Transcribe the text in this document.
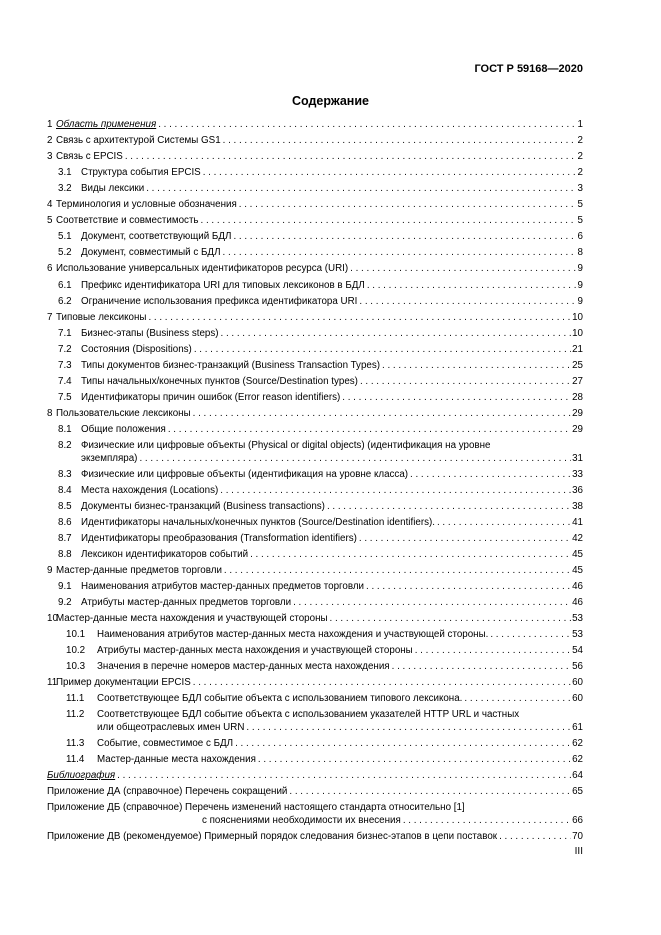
ГОСТ Р 59168—2020
Содержание
1 Область применения . . .	1
2 Связь с архитектурой Системы GS1 . . .	2
3 Связь с EPCIS . . .	2
3.1 Структура события EPCIS . . .	2
3.2 Виды лексики . . .	3
4 Терминология и условные обозначения . . .	5
5 Соответствие и совместимость . . .	5
5.1 Документ, соответствующий БДЛ . . .	6
5.2 Документ, совместимый с БДЛ . . .	8
6 Использование универсальных идентификаторов ресурса (URI) . . .	9
6.1 Префикс идентификатора URI для типовых лексиконов в БДЛ . . .	9
6.2 Ограничение использования префикса идентификатора URI . . .	9
7 Типовые лексиконы . . .	10
7.1 Бизнес-этапы (Business steps) . . .	10
7.2 Состояния (Dispositions) . . .	21
7.3 Типы документов бизнес-транзакций (Business Transaction Types) . . .	25
7.4 Типы начальных/конечных пунктов (Source/Destination types) . . .	27
7.5 Идентификаторы причин ошибок (Error reason identifiers) . . .	28
8 Пользовательские лексиконы . . .	29
8.1 Общие положения . . .	29
8.2 Физические или цифровые объекты (Physical or digital objects) (идентификация на уровне
экземпляра) . . .	31
8.3 Физические или цифровые объекты (идентификация на уровне класса) . . .	33
8.4 Места нахождения (Locations) . . .	36
8.5 Документы бизнес-транзакций (Business transactions) . . .	38
8.6 Идентификаторы начальных/конечных пунктов (Source/Destination identifiers). . . .	41
8.7 Идентификаторы преобразования (Transformation identifiers) . . .	42
8.8 Лексикон идентификаторов событий . . .	45
9 Мастер-данные предметов торговли . . .	45
9.1 Наименования атрибутов мастер-данных предметов торговли . . .	46
9.2 Атрибуты мастер-данных предметов торговли . . .	46
10
Мастер-данные места нахождения и участвующей стороны . . .	53
10.1	Наименования атрибутов мастер-данных места нахождения и участвующей стороны. . . .	53
10.2	Атрибуты мастер-данных места нахождения и участвующей стороны . . .	54
10.3	Значения в перечне номеров мастер-данных места нахождения . . .	56
11
Пример документации EPCIS . . .	60
11.1	Соответствующее БДЛ событие объекта с использованием типового лексикона. . . .	60
11.2	Соответствующее БДЛ событие объекта с использованием указателей HTTP URL и частных
или общеотраслевых имен URN . . .	61
11.3	Событие, совместимое с БДЛ . . .	62
11.4	Мастер-данные места нахождения . . .	62
Библиография . . .	64
Приложение ДА (справочное) Перечень сокращений . . .	65
Приложение ДБ (справочное) Перечень изменений настоящего стандарта относительно [1]
с пояснениями необходимости их внесения . . .	66
Приложение ДВ (рекомендуемое) Примерный порядок следования бизнес-этапов в цепи поставок . . .	70
III
